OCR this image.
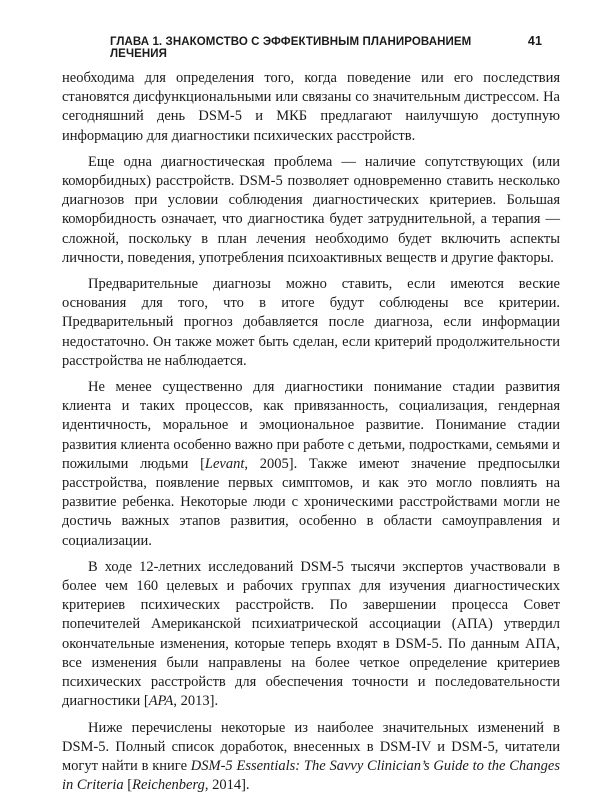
ГЛАВА 1. ЗНАКОМСТВО С ЭФФЕКТИВНЫМ ПЛАНИРОВАНИЕМ ЛЕЧЕНИЯ
41

необходима для определения того, когда поведение или его последствия становятся дисфункциональными или связаны со значительным дистрессом. На сегодняшний день DSM-5 и МКБ предлагают наилучшую доступную информацию для диагностики психических расстройств.

Еще одна диагностическая проблема — наличие сопутствующих (или коморбидных) расстройств. DSM-5 позволяет одновременно ставить несколько диагнозов при условии соблюдения диагностических критериев. Большая коморбидность означает, что диагностика будет затруднительной, а терапия — сложной, поскольку в план лечения необходимо будет включить аспекты личности, поведения, употребления психоактивных веществ и другие факторы.

Предварительные диагнозы можно ставить, если имеются веские основания для того, что в итоге будут соблюдены все критерии. Предварительный прогноз добавляется после диагноза, если информации недостаточно. Он также может быть сделан, если критерий продолжительности расстройства не наблюдается.

Не менее существенно для диагностики понимание стадии развития клиента и таких процессов, как привязанность, социализация, гендерная идентичность, моральное и эмоциональное развитие. Понимание стадии развития клиента особенно важно при работе с детьми, подростками, семьями и пожилыми людьми [Levant, 2005]. Также имеют значение предпосылки расстройства, появление первых симптомов, и как это могло повлиять на развитие ребенка. Некоторые люди с хроническими расстройствами могли не достичь важных этапов развития, особенно в области самоуправления и социализации.

В ходе 12-летних исследований DSM-5 тысячи экспертов участвовали в более чем 160 целевых и рабочих группах для изучения диагностических критериев психических расстройств. По завершении процесса Совет попечителей Американской психиатрической ассоциации (АПА) утвердил окончательные изменения, которые теперь входят в DSM-5. По данным АПА, все изменения были направлены на более четкое определение критериев психических расстройств для обеспечения точности и последовательности диагностики [APA, 2013].

Ниже перечислены некоторые из наиболее значительных изменений в DSM-5. Полный список доработок, внесенных в DSM-IV и DSM-5, читатели могут найти в книге DSM-5 Essentials: The Savvy Clinician’s Guide to the Changes in Criteria [Reichenberg, 2014].
